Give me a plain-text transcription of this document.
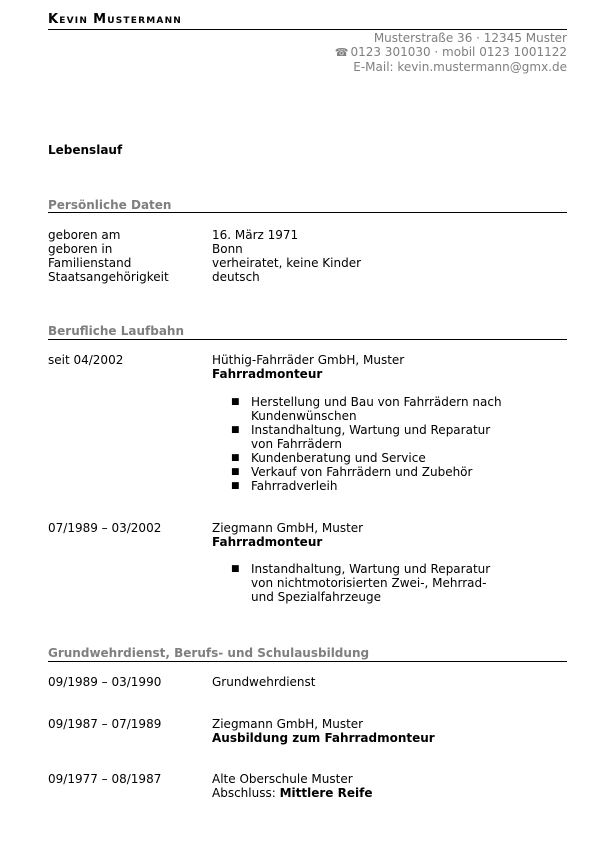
Kevin Mustermann
Musterstraße 36 · 12345 Muster
☎ 0123 301030 · mobil 0123 1001122
E-Mail: kevin.mustermann@gmx.de
Lebenslauf
Persönliche Daten
geboren am	16. März 1971
geboren in	Bonn
Familienstand	verheiratet, keine Kinder
Staatsangehörigkeit	deutsch
Berufliche Laufbahn
seit 04/2002	Hüthig-Fahrräder GmbH, Muster
Fahrradmonteur
■ Herstellung und Bau von Fahrrädern nach Kundenwünschen
■ Instandhaltung, Wartung und Reparatur von Fahrrädern
■ Kundenberatung und Service
■ Verkauf von Fahrrädern und Zubehör
■ Fahrradverleih
07/1989 – 03/2002	Ziegmann GmbH, Muster
Fahrradmonteur
■ Instandhaltung, Wartung und Reparatur von nichtmotorisierten Zwei-, Mehrrad- und Spezialfahrzeuge
Grundwehrdienst, Berufs- und Schulausbildung
09/1989 – 03/1990	Grundwehrdienst
09/1987 – 07/1989	Ziegmann GmbH, Muster
Ausbildung zum Fahrradmonteur
09/1977 – 08/1987	Alte Oberschule Muster
Abschluss: Mittlere Reife
